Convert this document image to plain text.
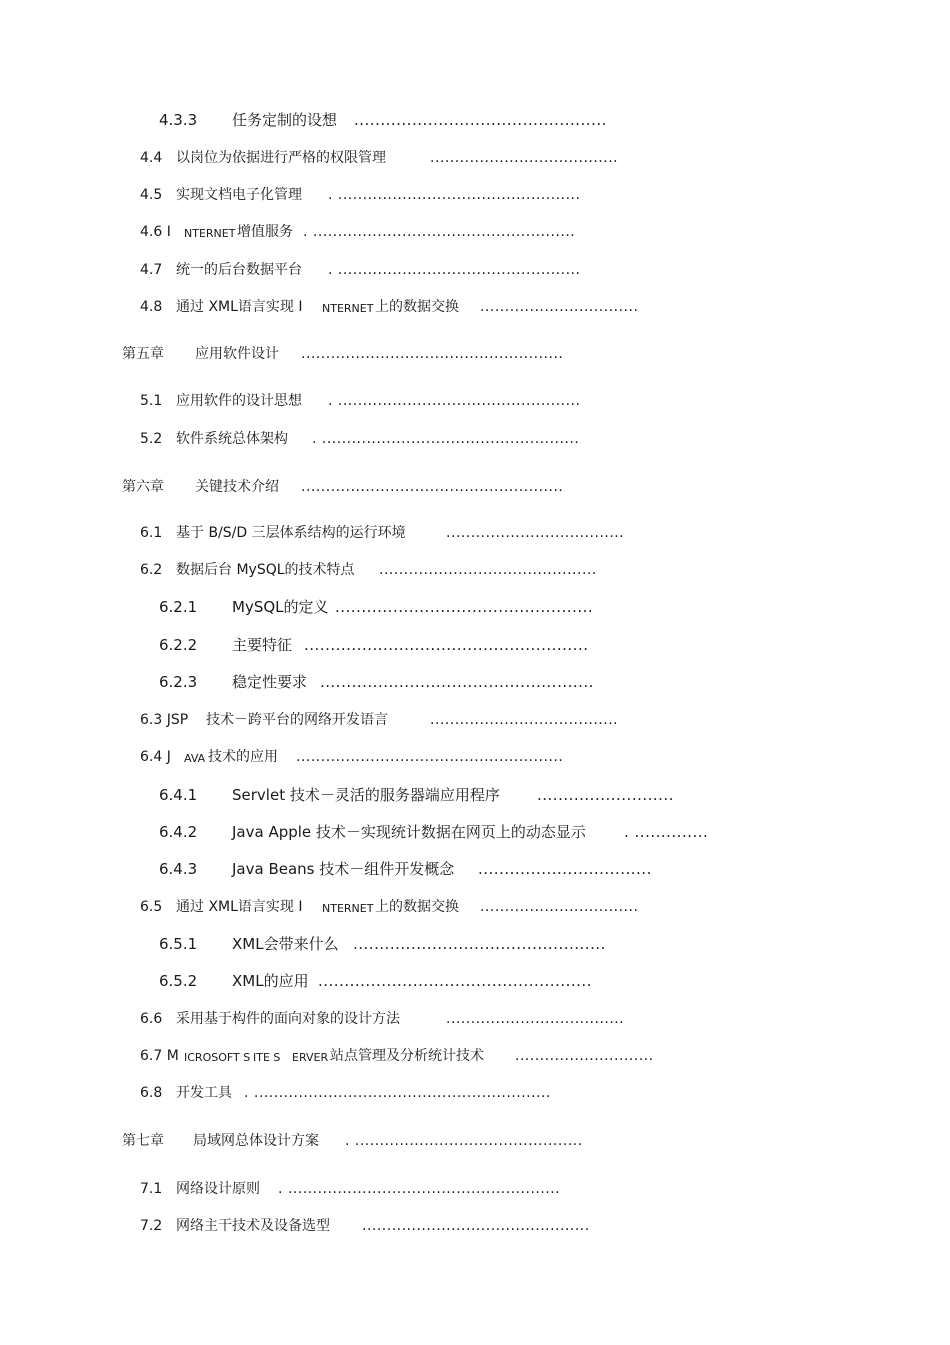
4.3.3 任务定制的设想 ................................................
4.4 以岗位为依据进行严格的权限管理	......................................
4.5 实现文档电子化管理 . .................................................
4.6 I NTERNET 增值服务 . .....................................................
4.7 统一的后台数据平台 . .................................................
4.8 通过 XML语言实现 I NTERNET 上的数据交换 ................................
第五章 应用软件设计 .....................................................
5.1 应用软件的设计思想 . .................................................
5.2 软件系统总体架构 . ....................................................
第六章 关键技术介绍 .....................................................
6.1 基于 B/S/D 三层体系结构的运行环境	....................................
6.2 数据后台 MySQL的技术特点 ............................................
6.2.1 MySQL的定义 .................................................
6.2.2 主要特征 ......................................................
6.2.3 稳定性要求 ....................................................
6.3 JSP 技术－跨平台的网络开发语言	......................................
6.4 J AVA 技术的应用 ......................................................
6.4.1 Servlet 技术－灵活的服务器端应用程序 ..........................
6.4.2 Java Apple 技术－实现统计数据在网页上的动态显示	. ..............
6.4.3 Java Beans 技术－组件开发概念 .................................
6.5 通过 XML语言实现 I NTERNET 上的数据交换 ................................
6.5.1 XML会带来什么 ................................................
6.5.2 XML的应用 ....................................................
6.6 采用基于构件的面向对象的设计方法	....................................
6.7 M ICROSOFT S ITE S ERVER 站点管理及分析统计技术 ............................
6.8 开发工具 . ............................................................
第七章 局域网总体设计方案 . ..............................................
7.1 网络设计原则 . .......................................................
7.2 网络主干技术及设备选型 ..............................................
